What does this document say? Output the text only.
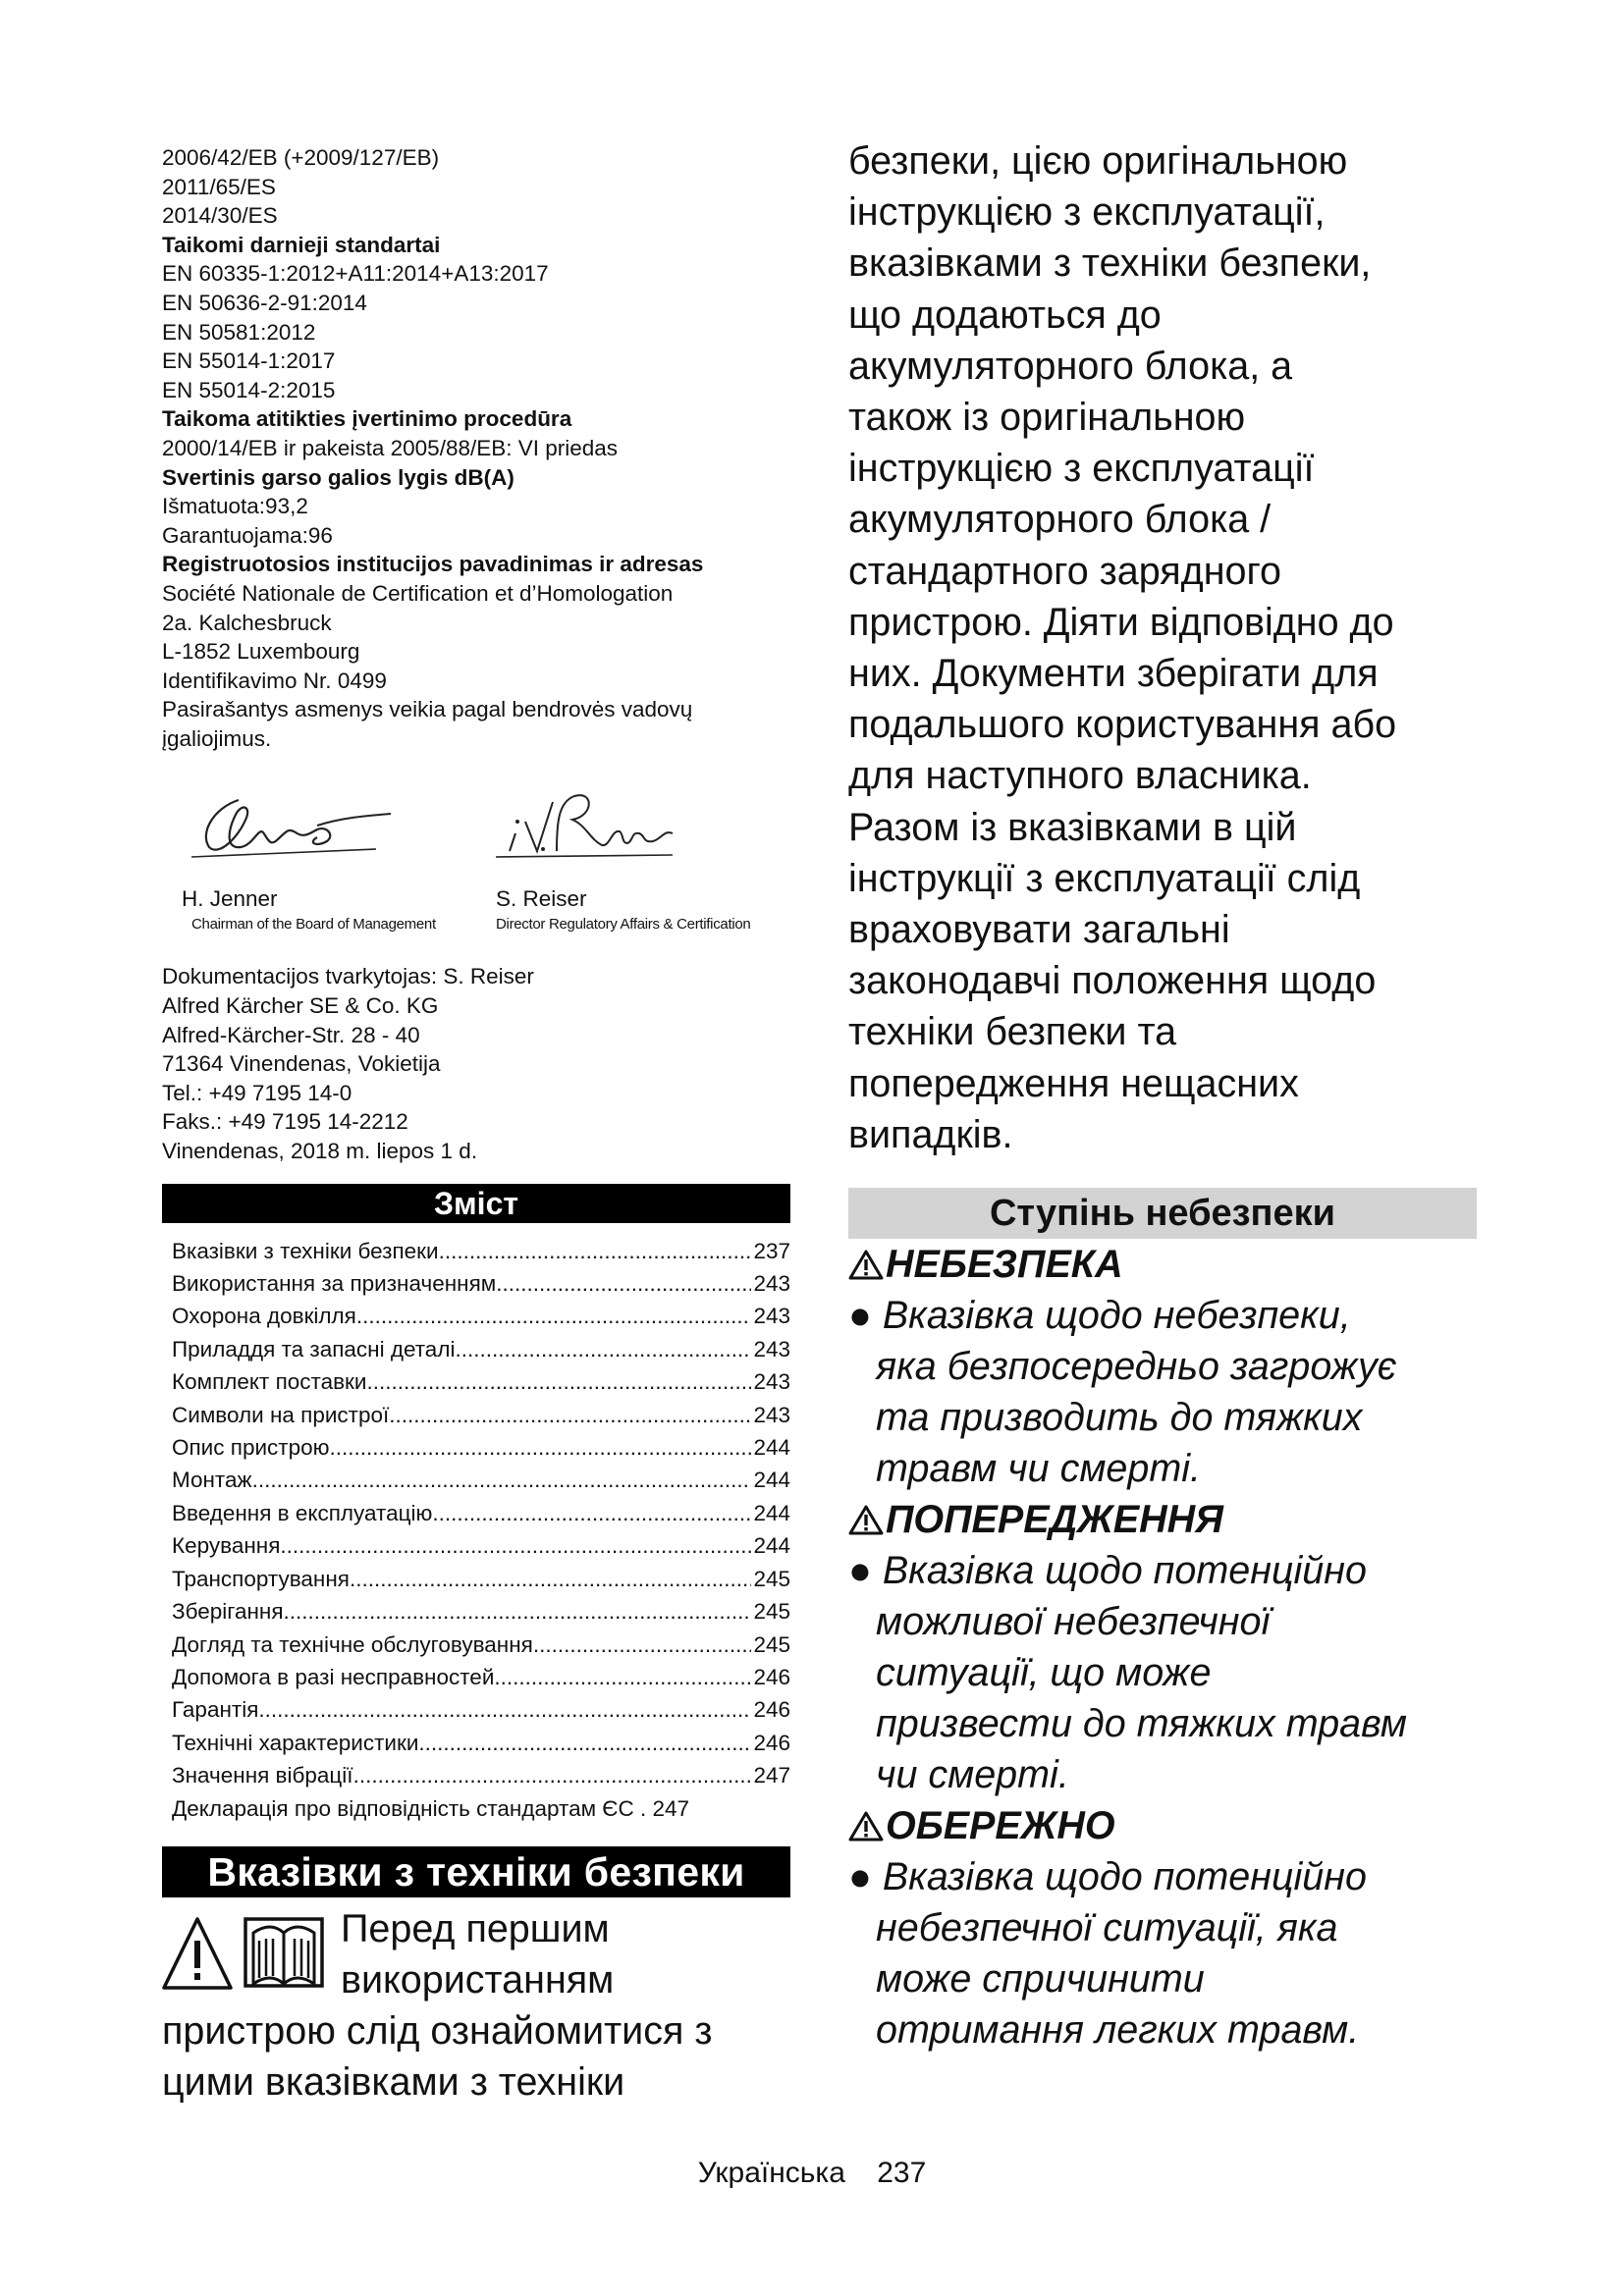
2006/42/EB (+2009/127/EB)
2011/65/ES
2014/30/ES
Taikomi darnieji standartai
EN 60335-1:2012+A11:2014+A13:2017
EN 50636-2-91:2014
EN 50581:2012
EN 55014-1:2017
EN 55014-2:2015
Taikoma atitikties įvertinimo procedūra
2000/14/EB ir pakeista 2005/88/EB: VI priedas
Svertinis garso galios lygis dB(A)
Išmatuota:93,2
Garantuojama:96
Registruotosios institucijos pavadinimas ir adresas
Société Nationale de Certification et d’Homologation
2a. Kalchesbruck
L-1852 Luxembourg
Identifikavimo Nr. 0499
Pasirašantys asmenys veikia pagal bendrovės vadovų
įgaliojimus.
H. Jenner
Chairman of the Board of Management
S. Reiser
Director Regulatory Affairs & Certification
Dokumentacijos tvarkytojas: S. Reiser
Alfred Kärcher SE & Co. KG
Alfred-Kärcher-Str. 28 - 40
71364 Vinendenas, Vokietija
Tel.: +49 7195 14-0
Faks.: +49 7195 14-2212
Vinendenas, 2018 m. liepos 1 d.
Зміст
Вказівки з техніки безпеки .....	237
Використання за призначенням .....	243
Охорона довкілля .....	243
Приладдя та запасні деталі .....	243
Комплект поставки .....	243
Символи на пристрої .....	243
Опис пристрою .....	244
Монтаж .....	244
Введення в експлуатацію .....	244
Керування .....	244
Транспортування .....	245
Зберігання .....	245
Догляд та технічне обслуговування .....	245
Допомога в разі несправностей .....	246
Гарантія .....	246
Технічні характеристики .....	246
Значення вібрації .....	247
Декларація про відповідність стандартам ЄС . 247
Вказівки з техніки безпеки
Перед першим
використанням
пристрою слід ознайомитися з
цими вказівками з техніки
безпеки, цією оригінальною
інструкцією з експлуатації,
вказівками з техніки безпеки,
що додаються до
акумуляторного блока, а
також із оригінальною
інструкцією з експлуатації
акумуляторного блока /
стандартного зарядного
пристрою. Діяти відповідно до
них. Документи зберігати для
подальшого користування або
для наступного власника.
Разом із вказівками в цій
інструкції з експлуатації слід
враховувати загальні
законодавчі положення щодо
техніки безпеки та
попередження нещасних
випадків.
Ступінь небезпеки
НЕБЕЗПЕКА
● Вказівка щодо небезпеки,
яка безпосередньо загрожує
та призводить до тяжких
травм чи смерті.
ПОПЕРЕДЖЕННЯ
● Вказівка щодо потенційно
можливої небезпечної
ситуації, що може
призвести до тяжких травм
чи смерті.
ОБЕРЕЖНО
● Вказівка щодо потенційно
небезпечної ситуації, яка
може спричинити
отримання легких травм.
Українська 237
